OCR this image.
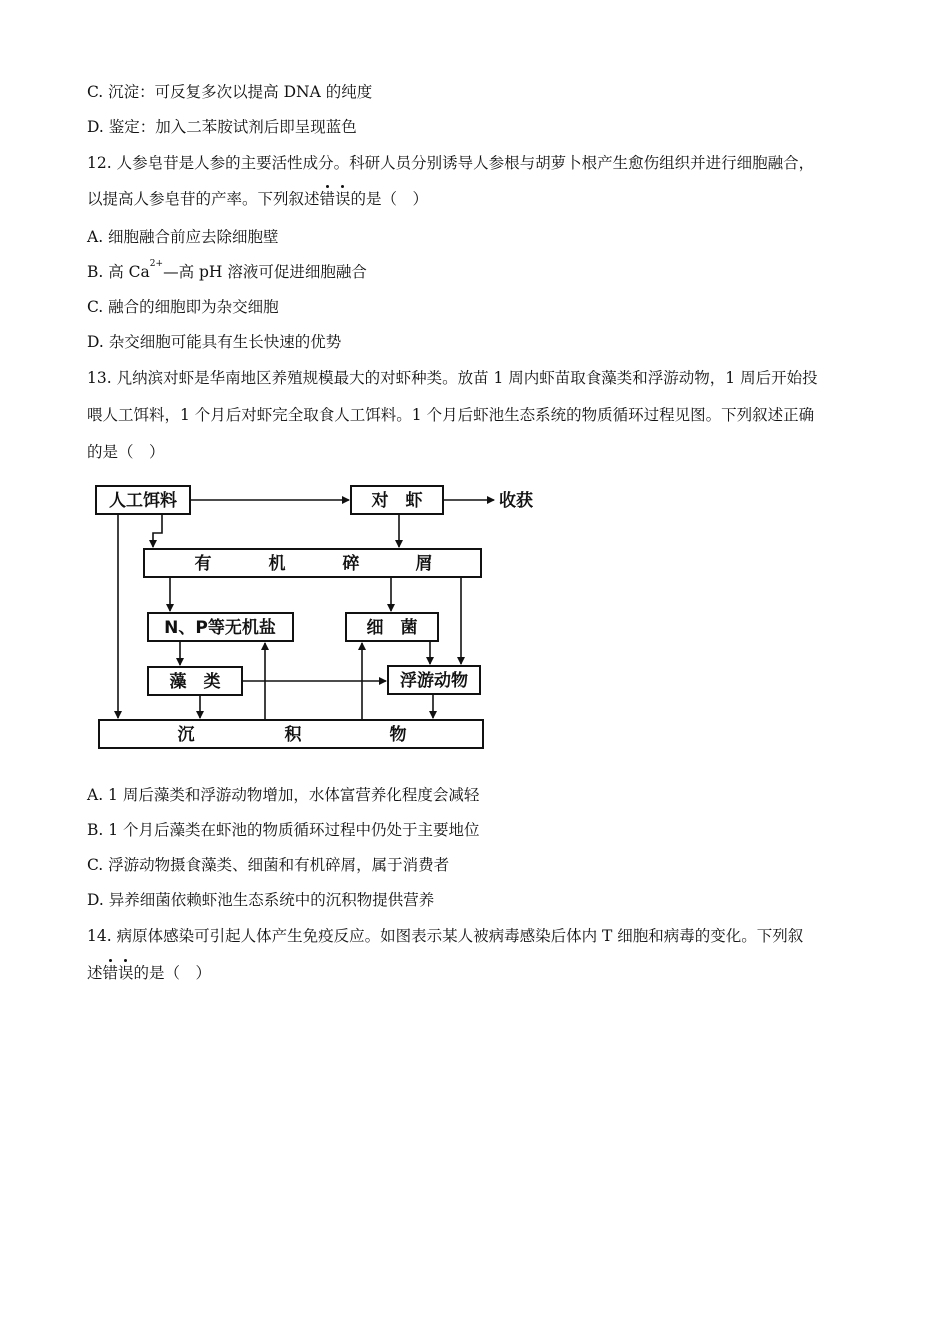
C. 沉淀：可反复多次以提高 DNA 的纯度
D. 鉴定：加入二苯胺试剂后即呈现蓝色
12. 人参皂苷是人参的主要活性成分。科研人员分别诱导人参根与胡萝卜根产生愈伤组织并进行细胞融合，
以提高人参皂苷的产率。下列叙述错误的是（　）
A. 细胞融合前应去除细胞壁
B. 高 $Ca^{2+}—$高 pH 溶液可促进细胞融合
C. 融合的细胞即为杂交细胞
D. 杂交细胞可能具有生长快速的优势
13. 凡纳滨对虾是华南地区养殖规模最大的对虾种类。放苗 1 周内虾苗取食藻类和浮游动物，1 周后开始投
喂人工饵料，1 个月后对虾完全取食人工饵料。1 个月后虾池生态系统的物质循环过程见图。下列叙述正确
的是（　）
人工饵料	对　虾	收获
有	机	碎	屑
N、P等无机盐	细　菌
藻　类	浮游动物
沉	积	物
A. 1 周后藻类和浮游动物增加，水体富营养化程度会减轻
B. 1 个月后藻类在虾池的物质循环过程中仍处于主要地位
C. 浮游动物摄食藻类、细菌和有机碎屑，属于消费者
D. 异养细菌依赖虾池生态系统中的沉积物提供营养
14. 病原体感染可引起人体产生免疫反应。如图表示某人被病毒感染后体内 T 细胞和病毒的变化。下列叙
述错误的是（　）
